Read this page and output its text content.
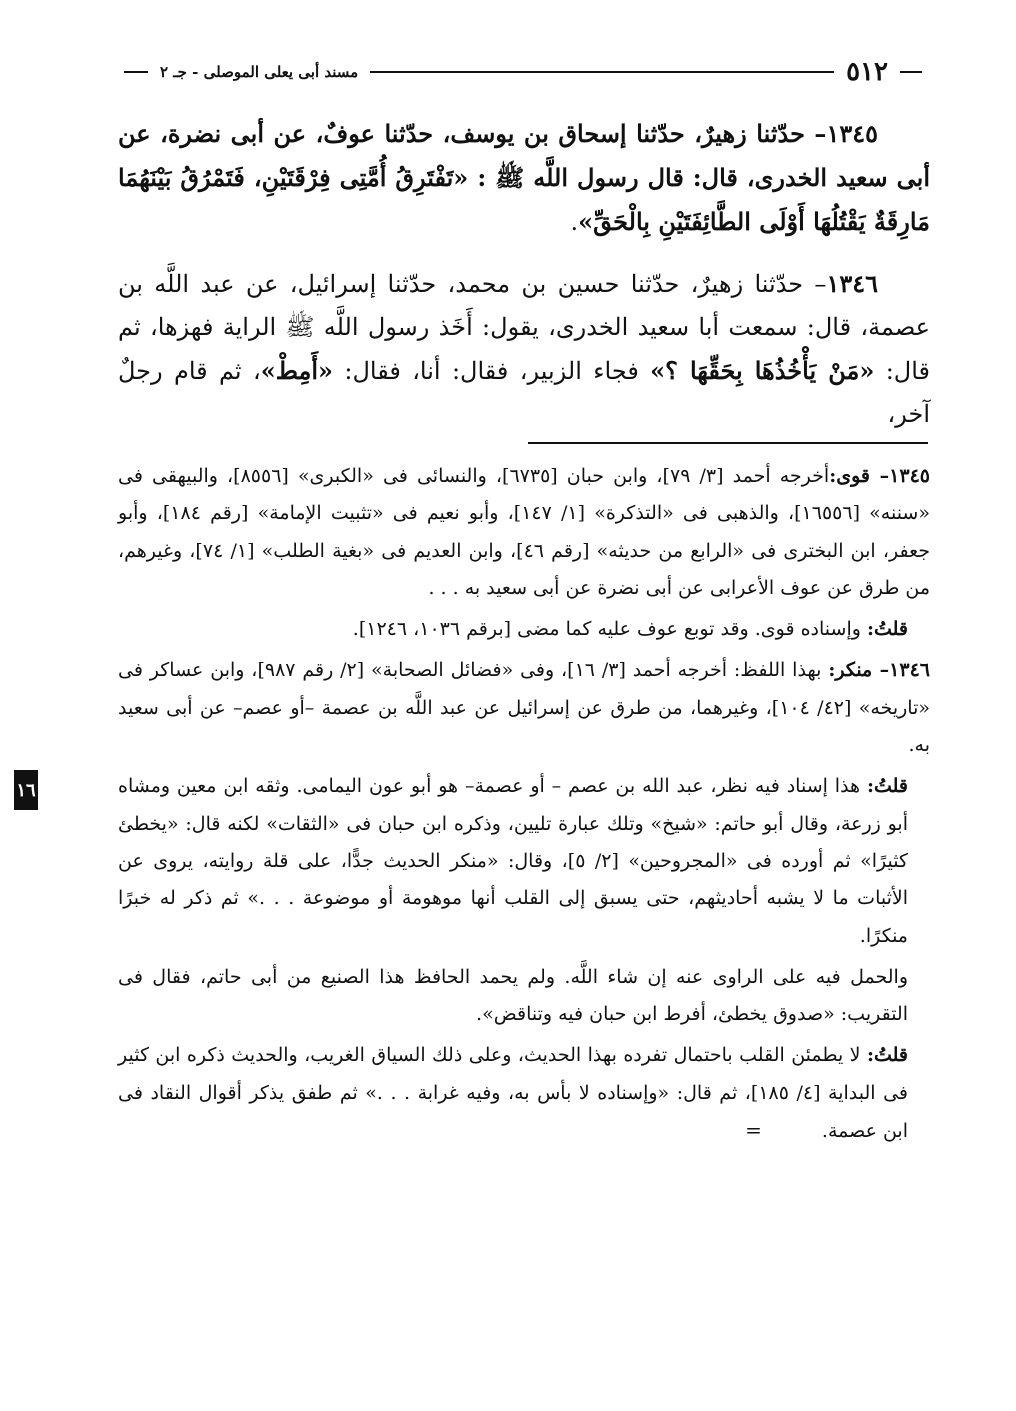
٥١٢
مسند أبى يعلى الموصلى - جـ ٢

١٣٤٥– حدّثنا زهيرٌ، حدّثنا إسحاق بن يوسف، حدّثنا عوفٌ، عن أبى نضرة، عن أبى سعيد الخدرى، قال: قال رسول اللَّه ﷺ : «تَفْتَرِقُ أُمَّتِى فِرْقَتَيْنِ، فَتَمْرُقُ بَيْنَهُمَا مَارِقَةٌ يَقْتُلُهَا أَوْلَى الطَّائِفَتَيْنِ بِالْحَقِّ».

١٣٤٦– حدّثنا زهيرٌ، حدّثنا حسين بن محمد، حدّثنا إسرائيل، عن عبد اللَّه بن عصمة، قال: سمعت أبا سعيد الخدرى، يقول: أَخَذ رسول اللَّه ﷺ الراية فهزها، ثم قال: «مَنْ يَأْخُذُهَا بِحَقِّهَا ؟» فجاء الزبير، فقال: أنا، فقال: «أَمِطْ»، ثم قام رجلٌ آخر،

١٣٤٥– قوى:أخرجه أحمد [٣/ ٧٩]، وابن حبان [٦٧٣٥]، والنسائى فى «الكبرى» [٨٥٥٦]، والبيهقى فى «سننه» [١٦٥٥٦]، والذهبى فى «التذكرة» [١/ ١٤٧]، وأبو نعيم فى «تثبيت الإمامة» [رقم ١٨٤]، وأبو جعفر، ابن البخترى فى «الرابع من حديثه» [رقم ٤٦]، وابن العديم فى «بغية الطلب» [١/ ٧٤]، وغيرهم، من طرق عن عوف الأعرابى عن أبى نضرة عن أبى سعيد به . . .

قلتُ: وإسناده قوى. وقد توبع عوف عليه كما مضى [برقم ١٠٣٦، ١٢٤٦].

١٣٤٦– منكر: بهذا اللفظ: أخرجه أحمد [٣/ ١٦]، وفى «فضائل الصحابة» [٢/ رقم ٩٨٧]، وابن عساكر فى «تاريخه» [٤٢/ ١٠٤]، وغيرهما، من طرق عن إسرائيل عن عبد اللَّه بن عصمة –أو عصم– عن أبى سعيد به.

قلتُ: هذا إسناد فيه نظر، عبد الله بن عصم – أو عصمة– هو أبو عون اليمامى. وثقه ابن معين ومشاه أبو زرعة، وقال أبو حاتم: «شيخ» وتلك عبارة تليين، وذكره ابن حبان فى «الثقات» لكنه قال: «يخطئ كثيرًا» ثم أورده فى «المجروحين» [٢/ ٥]، وقال: «منكر الحديث جدًّا، على قلة روايته، يروى عن الأثبات ما لا يشبه أحاديثهم، حتى يسبق إلى القلب أنها موهومة أو موضوعة . . .» ثم ذكر له خبرًا منكرًا.

والحمل فيه على الراوى عنه إن شاء اللَّه. ولم يحمد الحافظ هذا الصنيع من أبى حاتم، فقال فى التقريب: «صدوق يخطئ، أفرط ابن حبان فيه وتناقض».

قلتُ: لا يطمئن القلب باحتمال تفرده بهذا الحديث، وعلى ذلك السياق الغريب، والحديث ذكره ابن كثير فى البداية [٤/ ١٨٥]، ثم قال: «وإسناده لا بأس به، وفيه غرابة . . .» ثم طفق يذكر أقوال النقاد فى ابن عصمة.=

١٦
